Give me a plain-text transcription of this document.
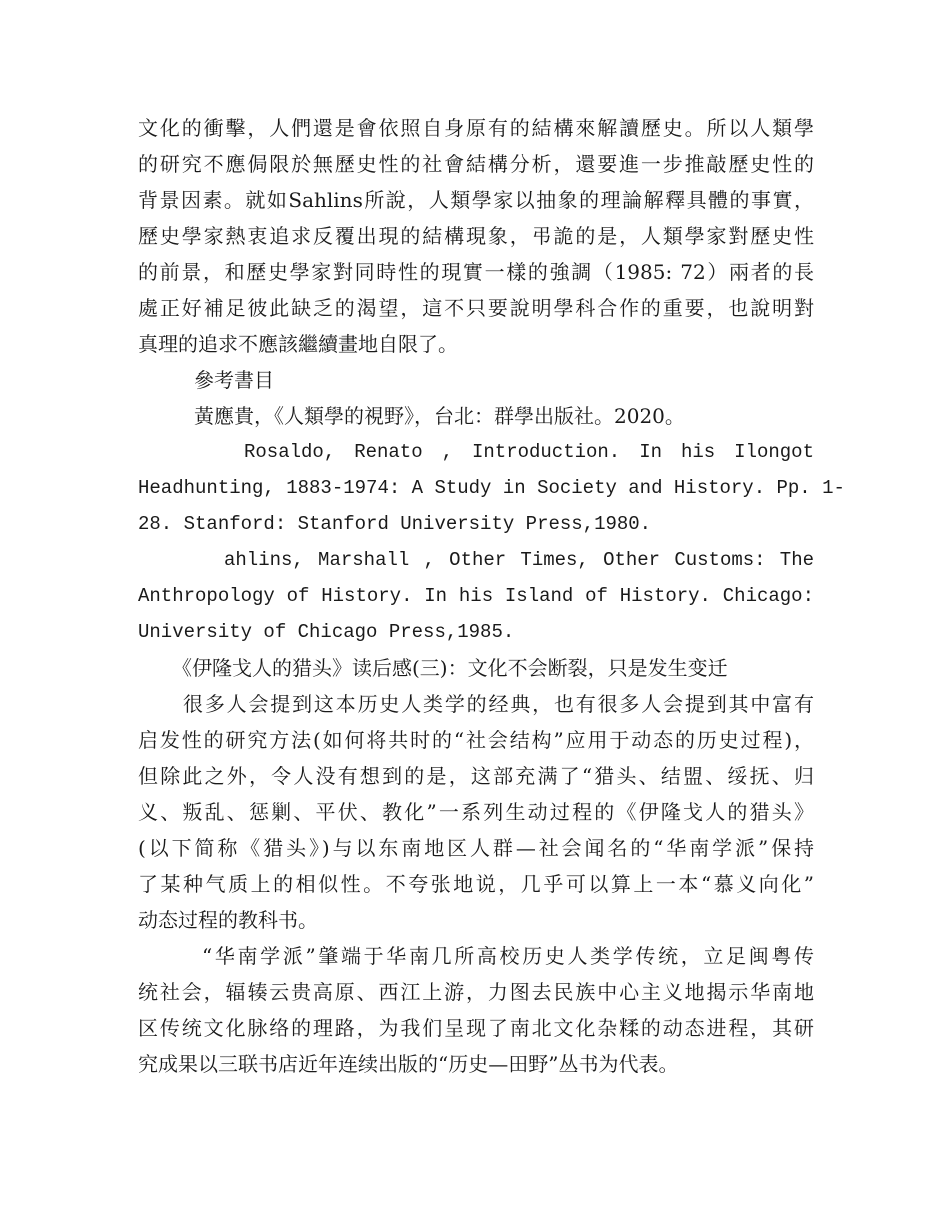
文化的衝擊，人們還是會依照自身原有的結構來解讀歷史。所以人類學
的研究不應侷限於無歷史性的社會結構分析，還要進一步推敲歷史性的
背景因素。就如Sahlins所說，人類學家以抽象的理論解釋具體的事實，
歷史學家熱衷追求反覆出現的結構現象，弔詭的是，人類學家對歷史性
的前景，和歷史學家對同時性的現實一樣的強調（1985: 72）兩者的長
處正好補足彼此缺乏的渴望，這不只要說明學科合作的重要，也說明對
真理的追求不應該繼續畫地自限了。
參考書目
黃應貴，《人類學的視野》，台北：群學出版社。2020。
Rosaldo, Renato , Introduction. In his Ilongot
Headhunting, 1883-1974: A Study in Society and History. Pp. 1-
28. Stanford: Stanford University Press,1980.
ahlins, Marshall , Other Times, Other Customs: The
Anthropology of History. In his Island of History. Chicago:
University of Chicago Press,1985.
《伊隆戈人的猎头》读后感(三)：文化不会断裂，只是发生变迁
很多人会提到这本历史人类学的经典，也有很多人会提到其中富有
启发性的研究方法(如何将共时的“社会结构”应用于动态的历史过程)，
但除此之外，令人没有想到的是，这部充满了“猎头、结盟、绥抚、归
义、叛乱、惩剿、平伏、教化”一系列生动过程的《伊隆戈人的猎头》
(以下简称《猎头》)与以东南地区人群—社会闻名的“华南学派”保持
了某种气质上的相似性。不夸张地说，几乎可以算上一本“慕义向化”
动态过程的教科书。
“华南学派”肇端于华南几所高校历史人类学传统，立足闽粤传
统社会，辐辏云贵高原、西江上游，力图去民族中心主义地揭示华南地
区传统文化脉络的理路，为我们呈现了南北文化杂糅的动态进程，其研
究成果以三联书店近年连续出版的“历史—田野”丛书为代表。
